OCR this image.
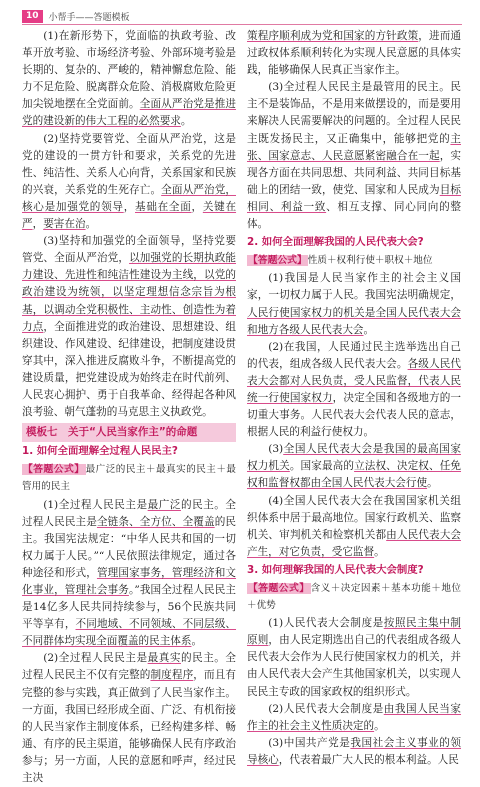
10	小帮手——答题模板

(1)在新形势下，党面临的执政考验、改革开放考验、市场经济考验、外部环境考验是长期的、复杂的、严峻的，精神懈怠危险、能力不足危险、脱离群众危险、消极腐败危险更加尖锐地摆在全党面前。全面从严治党是推进党的建设新的伟大工程的必然要求。

(2)坚持党要管党、全面从严治党，这是党的建设的一贯方针和要求，关系党的先进性、纯洁性、关系人心向背，关系国家和民族的兴衰，关系党的生死存亡。全面从严治党，核心是加强党的领导，基础在全面，关键在严，要害在治。

(3)坚持和加强党的全面领导，坚持党要管党、全面从严治党，以加强党的长期执政能力建设、先进性和纯洁性建设为主线，以党的政治建设为统领，以坚定理想信念宗旨为根基，以调动全党积极性、主动性、创造性为着力点，全面推进党的政治建设、思想建设、组织建设、作风建设、纪律建设，把制度建设贯穿其中，深入推进反腐败斗争，不断提高党的建设质量，把党建设成为始终走在时代前列、人民衷心拥护、勇于自我革命、经得起各种风浪考验、朝气蓬勃的马克思主义执政党。

模板七　关于“人民当家作主”的命题
1. 如何全面理解全过程人民民主?
【答题公式】最广泛的民主＋最真实的民主＋最管用的民主

(1)全过程人民民主是最广泛的民主。全过程人民民主是全链条、全方位、全覆盖的民主。我国宪法规定：“中华人民共和国的一切权力属于人民。”“人民依照法律规定，通过各种途径和形式，管理国家事务，管理经济和文化事业，管理社会事务。”我国全过程人民民主是14亿多人民共同持续参与，56个民族共同平等享有，不同地域、不同领域、不同层级、不同群体均实现全面覆盖的民主体系。

(2)全过程人民民主是最真实的民主。全过程人民民主不仅有完整的制度程序，而且有完整的参与实践，真正做到了人民当家作主。一方面，我国已经形成全面、广泛、有机衔接的人民当家作主制度体系，已经构建多样、畅通、有序的民主渠道，能够确保人民有序政治参与；另一方面，人民的意愿和呼声，经过民主决

策程序顺利成为党和国家的方针政策，进而通过政权体系顺利转化为实现人民意愿的具体实践，能够确保人民真正当家作主。

(3)全过程人民民主是最管用的民主。民主不是装饰品，不是用来做摆设的，而是要用来解决人民需要解决的问题的。全过程人民民主既发扬民主，又正确集中，能够把党的主张、国家意志、人民意愿紧密融合在一起，实现各方面在共同思想、共同利益、共同目标基础上的团结一致，使党、国家和人民成为目标相同、利益一致、相互支撑、同心同向的整体。

2. 如何全面理解我国的人民代表大会?
【答题公式】性质＋权利行使＋职权＋地位

(1)我国是人民当家作主的社会主义国家，一切权力属于人民。我国宪法明确规定，人民行使国家权力的机关是全国人民代表大会和地方各级人民代表大会。

(2)在我国，人民通过民主选举选出自己的代表，组成各级人民代表大会。各级人民代表大会都对人民负责，受人民监督，代表人民统一行使国家权力，决定全国和各级地方的一切重大事务。人民代表大会代表人民的意志，根据人民的利益行使权力。

(3)全国人民代表大会是我国的最高国家权力机关。国家最高的立法权、决定权、任免权和监督权都由全国人民代表大会行使。

(4)全国人民代表大会在我国国家机关组织体系中居于最高地位。国家行政机关、监察机关、审判机关和检察机关都由人民代表大会产生，对它负责，受它监督。

3. 如何理解我国的人民代表大会制度?
【答题公式】含义＋决定因素＋基本功能＋地位＋优势

(1)人民代表大会制度是按照民主集中制原则，由人民定期选出自己的代表组成各级人民代表大会作为人民行使国家权力的机关，并由人民代表大会产生其他国家机关，以实现人民民主专政的国家政权的组织形式。

(2)人民代表大会制度是由我国人民当家作主的社会主义性质决定的。

(3)中国共产党是我国社会主义事业的领导核心，代表着最广大人民的根本利益。人民
